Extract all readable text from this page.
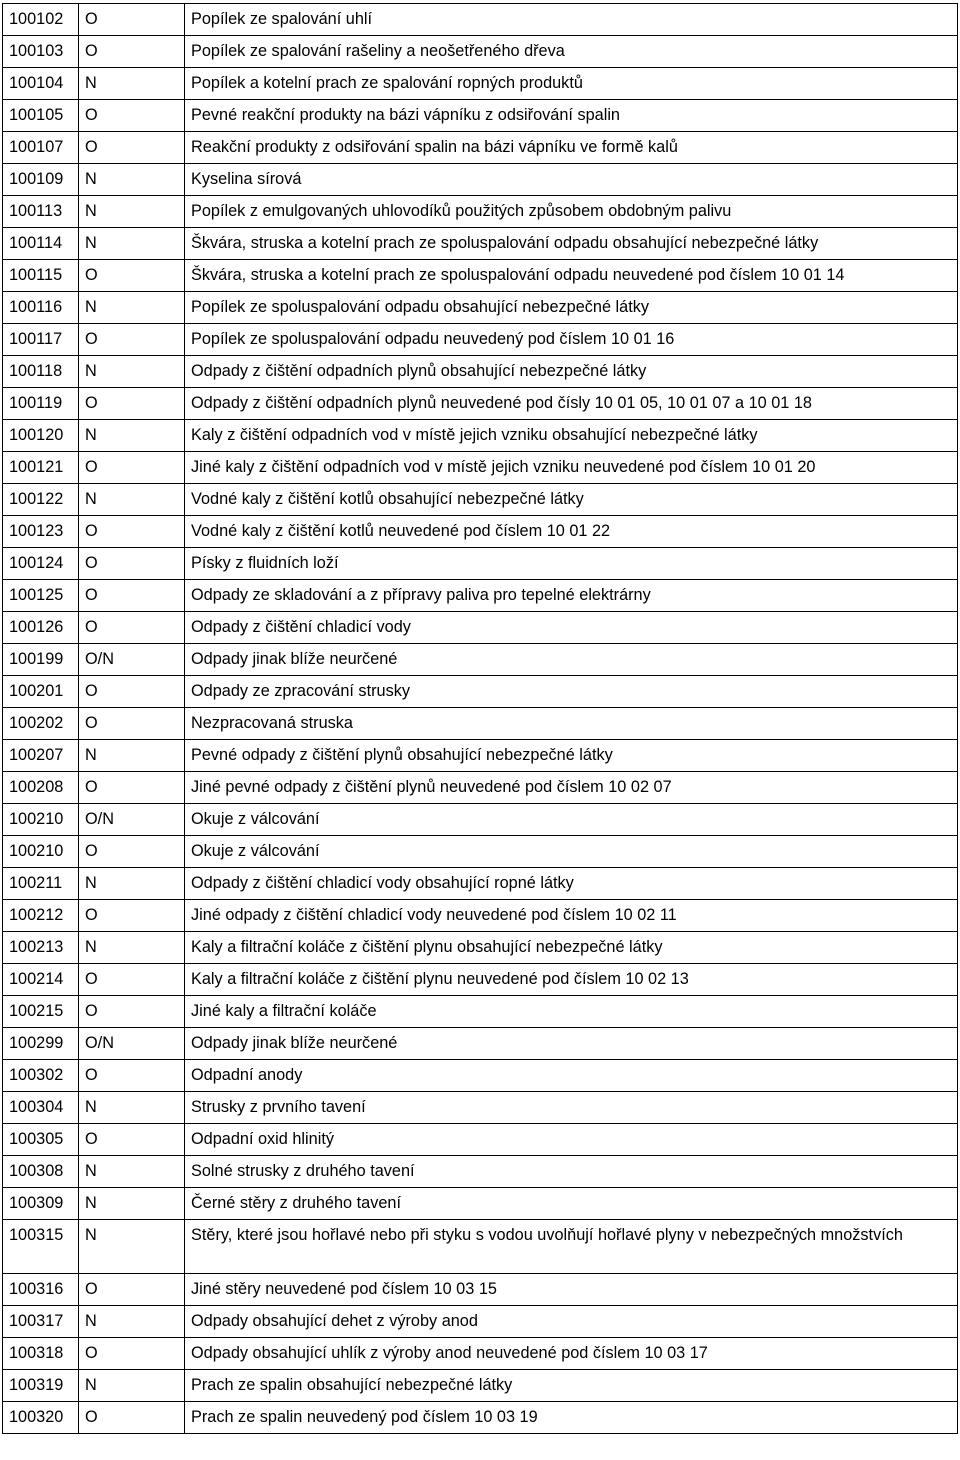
100102	O	Popílek ze spalování uhlí
100103	O	Popílek ze spalování rašeliny a neošetřeného dřeva
100104	N	Popílek a kotelní prach ze spalování ropných produktů
100105	O	Pevné reakční produkty na bázi vápníku z odsiřování spalin
100107	O	Reakční produkty z odsiřování spalin na bázi vápníku ve formě kalů
100109	N	Kyselina sírová
100113	N	Popílek z emulgovaných uhlovodíků použitých způsobem obdobným palivu
100114	N	Škvára, struska a kotelní prach ze spoluspalování odpadu obsahující nebezpečné látky
100115	O	Škvára, struska a kotelní prach ze spoluspalování odpadu neuvedené pod číslem 10 01 14
100116	N	Popílek ze spoluspalování odpadu obsahující nebezpečné látky
100117	O	Popílek ze spoluspalování odpadu neuvedený pod číslem 10 01 16
100118	N	Odpady z čištění odpadních plynů obsahující nebezpečné látky
100119	O	Odpady z čištění odpadních plynů neuvedené pod čísly 10 01 05, 10 01 07 a 10 01 18
100120	N	Kaly z čištění odpadních vod v místě jejich vzniku obsahující nebezpečné látky
100121	O	Jiné kaly z čištění odpadních vod v místě jejich vzniku neuvedené pod číslem 10 01 20
100122	N	Vodné kaly z čištění kotlů obsahující nebezpečné látky
100123	O	Vodné kaly z čištění kotlů neuvedené pod číslem 10 01 22
100124	O	Písky z fluidních loží
100125	O	Odpady ze skladování a z přípravy paliva pro tepelné elektrárny
100126	O	Odpady z čištění chladicí vody
100199	O/N	Odpady jinak blíže neurčené
100201	O	Odpady ze zpracování strusky
100202	O	Nezpracovaná struska
100207	N	Pevné odpady z čištění plynů obsahující nebezpečné látky
100208	O	Jiné pevné odpady z čištění plynů neuvedené pod číslem 10 02 07
100210	O/N	Okuje z válcování
100210	O	Okuje z válcování
100211	N	Odpady z čištění chladicí vody obsahující ropné látky
100212	O	Jiné odpady z čištění chladicí vody neuvedené pod číslem 10 02 11
100213	N	Kaly a filtrační koláče z čištění plynu obsahující nebezpečné látky
100214	O	Kaly a filtrační koláče z čištění plynu neuvedené pod číslem 10 02 13
100215	O	Jiné kaly a filtrační koláče
100299	O/N	Odpady jinak blíže neurčené
100302	O	Odpadní anody
100304	N	Strusky z prvního tavení
100305	O	Odpadní oxid hlinitý
100308	N	Solné strusky z druhého tavení
100309	N	Černé stěry z druhého tavení
100315	N	Stěry, které jsou hořlavé nebo při styku s vodou uvolňují hořlavé plyny v nebezpečných množstvích
100316	O	Jiné stěry neuvedené pod číslem 10 03 15
100317	N	Odpady obsahující dehet z výroby anod
100318	O	Odpady obsahující uhlík z výroby anod neuvedené pod číslem 10 03 17
100319	N	Prach ze spalin obsahující nebezpečné látky
100320	O	Prach ze spalin neuvedený pod číslem 10 03 19
